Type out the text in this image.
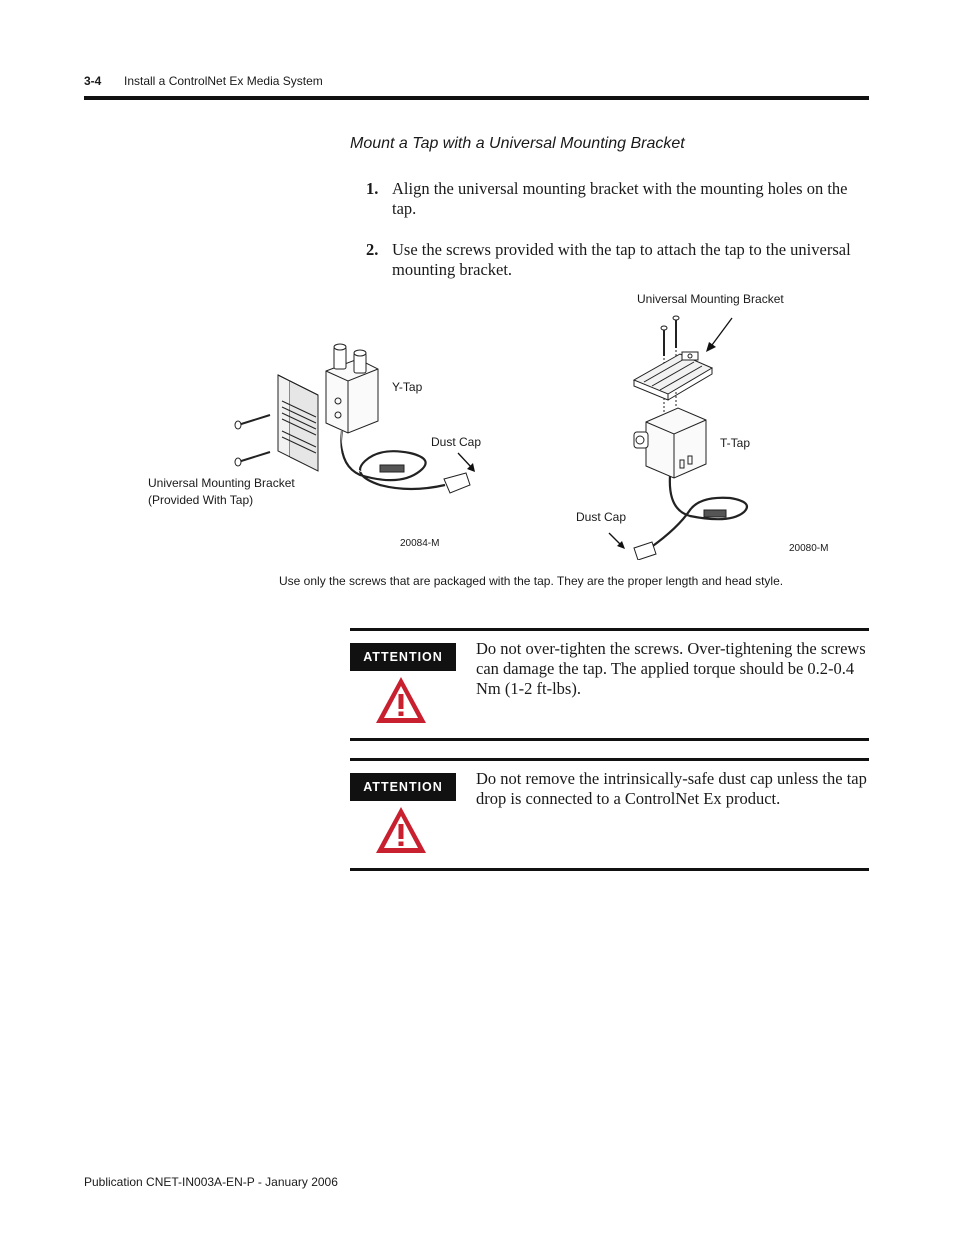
3-4 Install a ControlNet Ex Media System
Mount a Tap with a Universal Mounting Bracket
1. Align the universal mounting bracket with the mounting holes on the tap.
2. Use the screws provided with the tap to attach the tap to the universal mounting bracket.
Y-Tap
Dust Cap
Universal Mounting Bracket
(Provided With Tap)
20084-M
Universal Mounting Bracket
T-Tap
Dust Cap
20080-M
Use only the screws that are packaged with the tap. They are the proper length and head style.
ATTENTION	Do not over-tighten the screws. Over-tightening the screws can damage the tap. The applied torque should be 0.2-0.4 Nm (1-2 ft-lbs).
ATTENTION	Do not remove the intrinsically-safe dust cap unless the tap drop is connected to a ControlNet Ex product.
Publication CNET-IN003A-EN-P - January 2006
